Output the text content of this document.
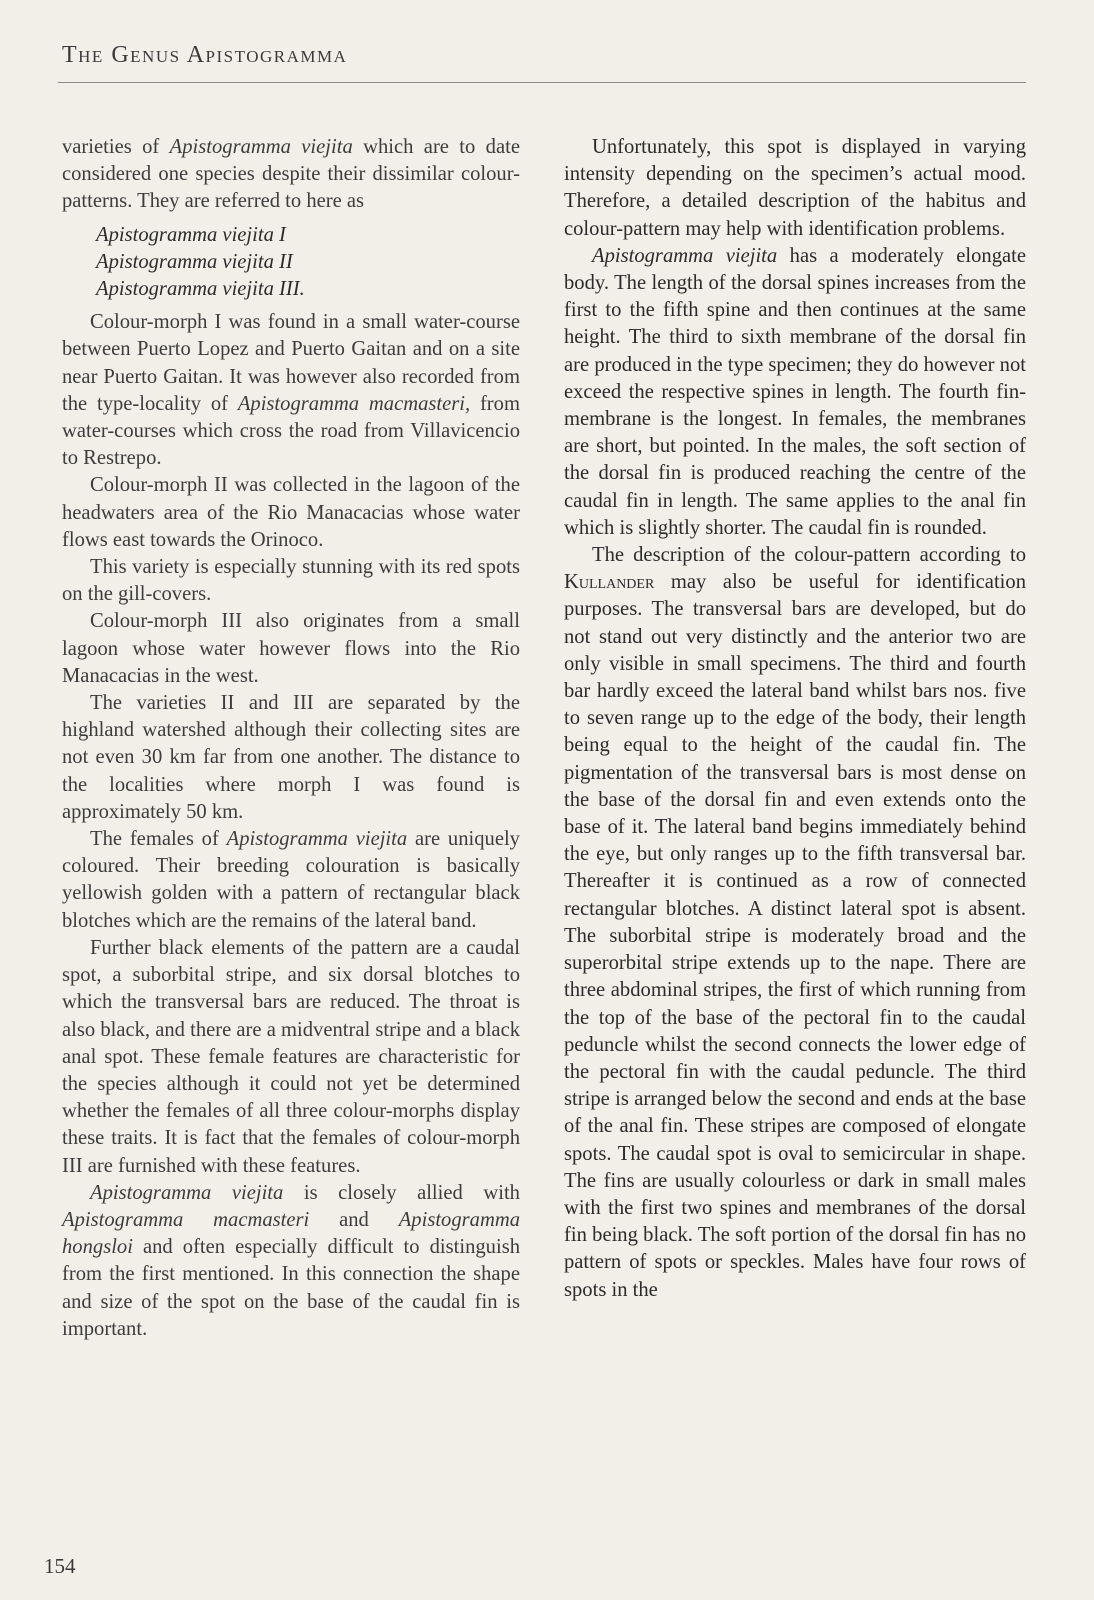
The Genus Apistogramma

varieties of Apistogramma viejita which are to date considered one species despite their dissimilar colour-patterns. They are referred to here as

Apistogramma viejita I
Apistogramma viejita II
Apistogramma viejita III.

Colour-morph I was found in a small water-course between Puerto Lopez and Puerto Gaitan and on a site near Puerto Gaitan. It was however also recorded from the type-locality of Apistogramma macmasteri, from water-courses which cross the road from Villavicencio to Restrepo.

Colour-morph II was collected in the lagoon of the headwaters area of the Rio Manacacias whose water flows east towards the Orinoco.

This variety is especially stunning with its red spots on the gill-covers.

Colour-morph III also originates from a small lagoon whose water however flows into the Rio Manacacias in the west.

The varieties II and III are separated by the highland watershed although their collecting sites are not even 30 km far from one another. The distance to the localities where morph I was found is approximately 50 km.

The females of Apistogramma viejita are uniquely coloured. Their breeding colouration is basically yellowish golden with a pattern of rectangular black blotches which are the remains of the lateral band.

Further black elements of the pattern are a caudal spot, a suborbital stripe, and six dorsal blotches to which the transversal bars are reduced. The throat is also black, and there are a midventral stripe and a black anal spot. These female features are characteristic for the species although it could not yet be determined whether the females of all three colour-morphs display these traits. It is fact that the females of colour-morph III are furnished with these features.

Apistogramma viejita is closely allied with Apistogramma macmasteri and Apistogramma hongsloi and often especially difficult to distinguish from the first mentioned. In this connection the shape and size of the spot on the base of the caudal fin is important.

Unfortunately, this spot is displayed in varying intensity depending on the specimen’s actual mood. Therefore, a detailed description of the habitus and colour-pattern may help with identification problems.

Apistogramma viejita has a moderately elongate body. The length of the dorsal spines increases from the first to the fifth spine and then continues at the same height. The third to sixth membrane of the dorsal fin are produced in the type specimen; they do however not exceed the respective spines in length. The fourth fin-membrane is the longest. In females, the membranes are short, but pointed. In the males, the soft section of the dorsal fin is produced reaching the centre of the caudal fin in length. The same applies to the anal fin which is slightly shorter. The caudal fin is rounded.

The description of the colour-pattern according to Kullander may also be useful for identification purposes. The transversal bars are developed, but do not stand out very distinctly and the anterior two are only visible in small specimens. The third and fourth bar hardly exceed the lateral band whilst bars nos. five to seven range up to the edge of the body, their length being equal to the height of the caudal fin. The pigmentation of the transversal bars is most dense on the base of the dorsal fin and even extends onto the base of it. The lateral band begins immediately behind the eye, but only ranges up to the fifth transversal bar. Thereafter it is continued as a row of connected rectangular blotches. A distinct lateral spot is absent. The suborbital stripe is moderately broad and the superorbital stripe extends up to the nape. There are three abdominal stripes, the first of which running from the top of the base of the pectoral fin to the caudal peduncle whilst the second connects the lower edge of the pectoral fin with the caudal peduncle. The third stripe is arranged below the second and ends at the base of the anal fin. These stripes are composed of elongate spots. The caudal spot is oval to semicircular in shape. The fins are usually colourless or dark in small males with the first two spines and membranes of the dorsal fin being black. The soft portion of the dorsal fin has no pattern of spots or speckles. Males have four rows of spots in the

154
